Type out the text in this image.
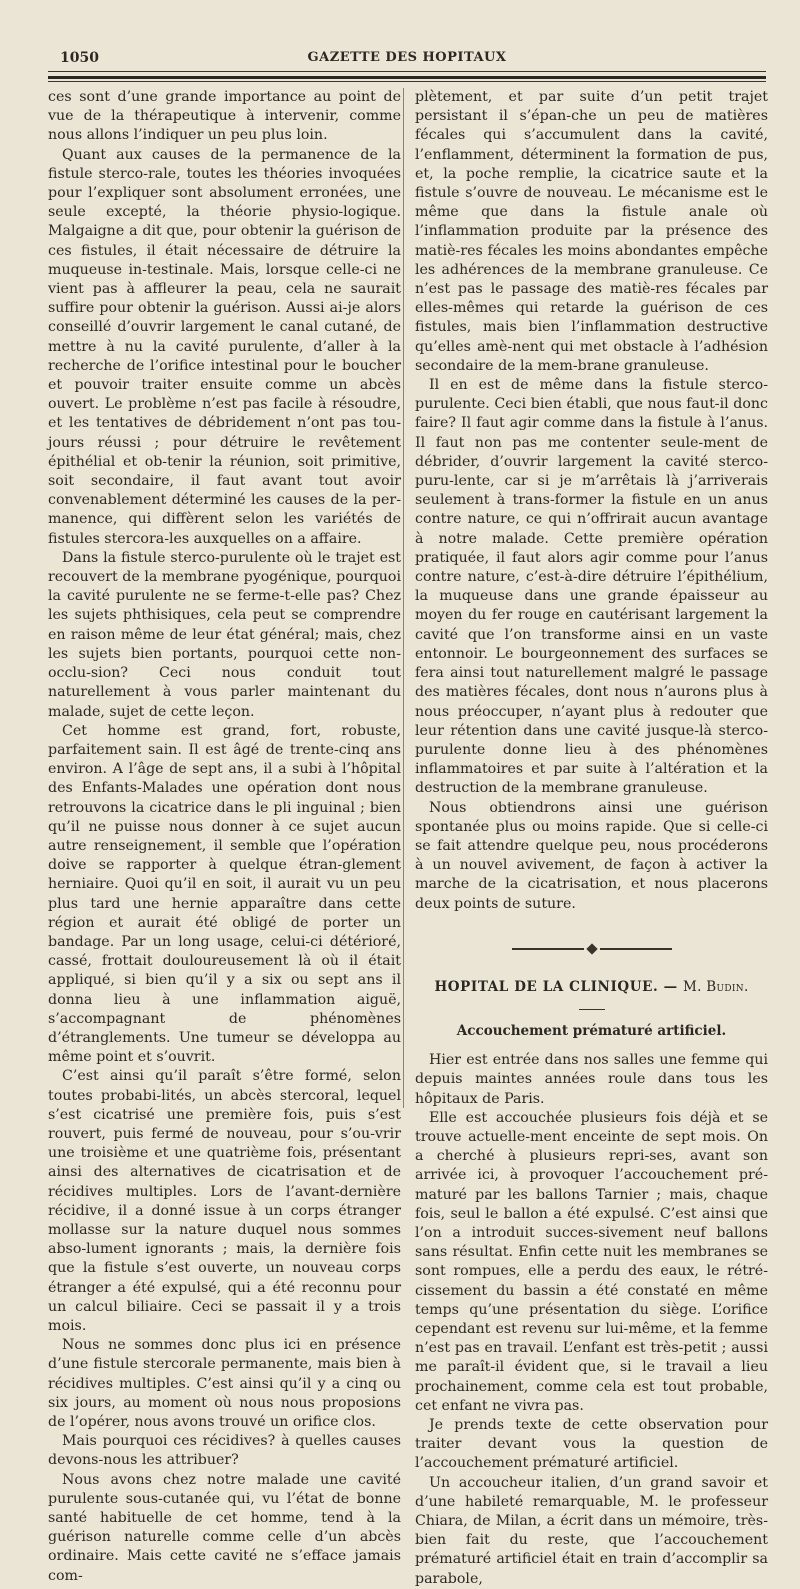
1050	GAZETTE DES HOPITAUX

ces sont d’une grande importance au point de vue de la thérapeutique à intervenir, comme nous allons l’indiquer un peu plus loin.

Quant aux causes de la permanence de la fistule sterco-rale, toutes les théories invoquées pour l’expliquer sont absolument erronées, une seule excepté, la théorie physio-logique. Malgaigne a dit que, pour obtenir la guérison de ces fistules, il était nécessaire de détruire la muqueuse in-testinale. Mais, lorsque celle-ci ne vient pas à affleurer la peau, cela ne saurait suffire pour obtenir la guérison. Aussi ai-je alors conseillé d’ouvrir largement le canal cutané, de mettre à nu la cavité purulente, d’aller à la recherche de l’orifice intestinal pour le boucher et pouvoir traiter ensuite comme un abcès ouvert. Le problème n’est pas facile à résoudre, et les tentatives de débridement n’ont pas tou-jours réussi ; pour détruire le revêtement épithélial et ob-tenir la réunion, soit primitive, soit secondaire, il faut avant tout avoir convenablement déterminé les causes de la per-manence, qui diffèrent selon les variétés de fistules stercora-les auxquelles on a affaire.

Dans la fistule sterco-purulente où le trajet est recouvert de la membrane pyogénique, pourquoi la cavité purulente ne se ferme-t-elle pas? Chez les sujets phthisiques, cela peut se comprendre en raison même de leur état général; mais, chez les sujets bien portants, pourquoi cette non-occlu-sion? Ceci nous conduit tout naturellement à vous parler maintenant du malade, sujet de cette leçon.

Cet homme est grand, fort, robuste, parfaitement sain. Il est âgé de trente-cinq ans environ. A l’âge de sept ans, il a subi à l’hôpital des Enfants-Malades une opération dont nous retrouvons la cicatrice dans le pli inguinal ; bien qu’il ne puisse nous donner à ce sujet aucun autre renseignement, il semble que l’opération doive se rapporter à quelque étran-glement herniaire. Quoi qu’il en soit, il aurait vu un peu plus tard une hernie apparaître dans cette région et aurait été obligé de porter un bandage. Par un long usage, celui-ci détérioré, cassé, frottait douloureusement là où il était appliqué, si bien qu’il y a six ou sept ans il donna lieu à une inflammation aiguë, s’accompagnant de phénomènes d’étranglements. Une tumeur se développa au même point et s’ouvrit.

C’est ainsi qu’il paraît s’être formé, selon toutes probabi-lités, un abcès stercoral, lequel s’est cicatrisé une première fois, puis s’est rouvert, puis fermé de nouveau, pour s’ou-vrir une troisième et une quatrième fois, présentant ainsi des alternatives de cicatrisation et de récidives multiples. Lors de l’avant-dernière récidive, il a donné issue à un corps étranger mollasse sur la nature duquel nous sommes abso-lument ignorants ; mais, la dernière fois que la fistule s’est ouverte, un nouveau corps étranger a été expulsé, qui a été reconnu pour un calcul biliaire. Ceci se passait il y a trois mois.

Nous ne sommes donc plus ici en présence d’une fistule stercorale permanente, mais bien à récidives multiples. C’est ainsi qu’il y a cinq ou six jours, au moment où nous nous proposions de l’opérer, nous avons trouvé un orifice clos.

Mais pourquoi ces récidives? à quelles causes devons-nous les attribuer?

Nous avons chez notre malade une cavité purulente sous-cutanée qui, vu l’état de bonne santé habituelle de cet homme, tend à la guérison naturelle comme celle d’un abcès ordinaire. Mais cette cavité ne s’efface jamais com-

plètement, et par suite d’un petit trajet persistant il s’épan-che un peu de matières fécales qui s’accumulent dans la cavité, l’enflamment, déterminent la formation de pus, et, la poche remplie, la cicatrice saute et la fistule s’ouvre de nouveau. Le mécanisme est le même que dans la fistule anale où l’inflammation produite par la présence des matiè-res fécales les moins abondantes empêche les adhérences de la membrane granuleuse. Ce n’est pas le passage des matiè-res fécales par elles-mêmes qui retarde la guérison de ces fistules, mais bien l’inflammation destructive qu’elles amè-nent qui met obstacle à l’adhésion secondaire de la mem-brane granuleuse.

Il en est de même dans la fistule sterco-purulente. Ceci bien établi, que nous faut-il donc faire? Il faut agir comme dans la fistule à l’anus. Il faut non pas me contenter seule-ment de débrider, d’ouvrir largement la cavité sterco-puru-lente, car si je m’arrêtais là j’arriverais seulement à trans-former la fistule en un anus contre nature, ce qui n’offrirait aucun avantage à notre malade. Cette première opération pratiquée, il faut alors agir comme pour l’anus contre nature, c’est-à-dire détruire l’épithélium, la muqueuse dans une grande épaisseur au moyen du fer rouge en cautérisant largement la cavité que l’on transforme ainsi en un vaste entonnoir. Le bourgeonnement des surfaces se fera ainsi tout naturellement malgré le passage des matières fécales, dont nous n’aurons plus à nous préoccuper, n’ayant plus à redouter que leur rétention dans une cavité jusque-là sterco-purulente donne lieu à des phénomènes inflammatoires et par suite à l’altération et la destruction de la membrane granuleuse.

Nous obtiendrons ainsi une guérison spontanée plus ou moins rapide. Que si celle-ci se fait attendre quelque peu, nous procéderons à un nouvel avivement, de façon à activer la marche de la cicatrisation, et nous placerons deux points de suture.

HOPITAL DE LA CLINIQUE. — M. Budin.
Accouchement prématuré artificiel.

Hier est entrée dans nos salles une femme qui depuis maintes années roule dans tous les hôpitaux de Paris.

Elle est accouchée plusieurs fois déjà et se trouve actuelle-ment enceinte de sept mois. On a cherché à plusieurs repri-ses, avant son arrivée ici, à provoquer l’accouchement pré-maturé par les ballons Tarnier ; mais, chaque fois, seul le ballon a été expulsé. C’est ainsi que l’on a introduit succes-sivement neuf ballons sans résultat. Enfin cette nuit les membranes se sont rompues, elle a perdu des eaux, le rétré-cissement du bassin a été constaté en même temps qu’une présentation du siège. L’orifice cependant est revenu sur lui-même, et la femme n’est pas en travail. L’enfant est très-petit ; aussi me paraît-il évident que, si le travail a lieu prochainement, comme cela est tout probable, cet enfant ne vivra pas.

Je prends texte de cette observation pour traiter devant vous la question de l’accouchement prématuré artificiel.

Un accoucheur italien, d’un grand savoir et d’une habileté remarquable, M. le professeur Chiara, de Milan, a écrit dans un mémoire, très-bien fait du reste, que l’accouchement prématuré artificiel était en train d’accomplir sa parabole,
